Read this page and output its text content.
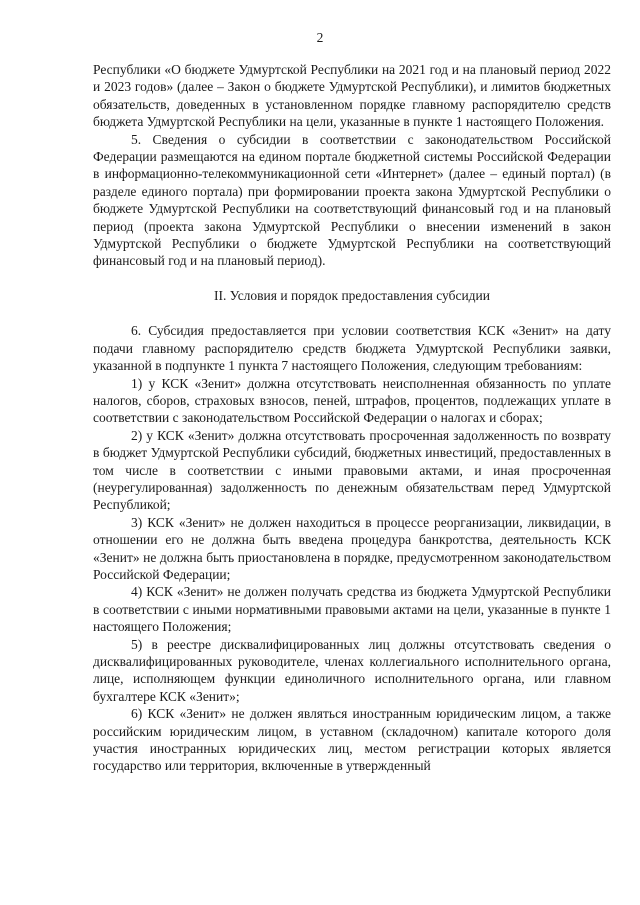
2

Республики «О бюджете Удмуртской Республики на 2021 год и на плановый период 2022 и 2023 годов» (далее – Закон о бюджете Удмуртской Республики), и лимитов бюджетных обязательств, доведенных в установленном порядке главному распорядителю средств бюджета Удмуртской Республики на цели, указанные в пункте 1 настоящего Положения.

5. Сведения о субсидии в соответствии с законодательством Российской Федерации размещаются на едином портале бюджетной системы Российской Федерации в информационно-телекоммуникационной сети «Интернет» (далее – единый портал) (в разделе единого портала) при формировании проекта закона Удмуртской Республики о бюджете Удмуртской Республики на соответствующий финансовый год и на плановый период (проекта закона Удмуртской Республики о внесении изменений в закон Удмуртской Республики о бюджете Удмуртской Республики на соответствующий финансовый год и на плановый период).

II. Условия и порядок предоставления субсидии

6. Субсидия предоставляется при условии соответствия КСК «Зенит» на дату подачи главному распорядителю средств бюджета Удмуртской Республики заявки, указанной в подпункте 1 пункта 7 настоящего Положения, следующим требованиям:

1) у КСК «Зенит» должна отсутствовать неисполненная обязанность по уплате налогов, сборов, страховых взносов, пеней, штрафов, процентов, подлежащих уплате в соответствии с законодательством Российской Федерации о налогах и сборах;

2) у КСК «Зенит» должна отсутствовать просроченная задолженность по возврату в бюджет Удмуртской Республики субсидий, бюджетных инвестиций, предоставленных в том числе в соответствии с иными правовыми актами, и иная просроченная (неурегулированная) задолженность по денежным обязательствам перед Удмуртской Республикой;

3) КСК «Зенит» не должен находиться в процессе реорганизации, ликвидации, в отношении его не должна быть введена процедура банкротства, деятельность КСК «Зенит» не должна быть приостановлена в порядке, предусмотренном законодательством Российской Федерации;

4) КСК «Зенит» не должен получать средства из бюджета Удмуртской Республики в соответствии с иными нормативными правовыми актами на цели, указанные в пункте 1 настоящего Положения;

5) в реестре дисквалифицированных лиц должны отсутствовать сведения о дисквалифицированных руководителе, членах коллегиального исполнительного органа, лице, исполняющем функции единоличного исполнительного органа, или главном бухгалтере КСК «Зенит»;

6) КСК «Зенит» не должен являться иностранным юридическим лицом, а также российским юридическим лицом, в уставном (складочном) капитале которого доля участия иностранных юридических лиц, местом регистрации которых является государство или территория, включенные в утвержденный
